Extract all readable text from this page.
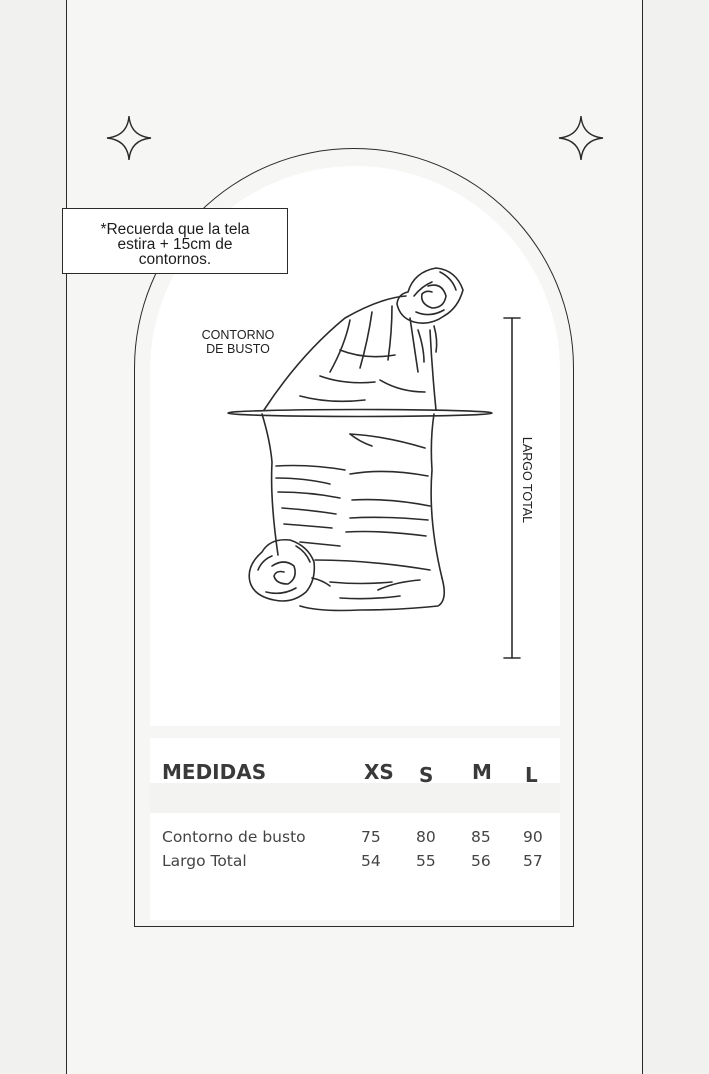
*Recuerda que la tela
estira + 15cm de
contornos.
CONTORNO
DE BUSTO
LARGO TOTAL
MEDIDAS	XS S M L
Contorno de busto	75 80 85 90
Largo Total	54 55 56 57
